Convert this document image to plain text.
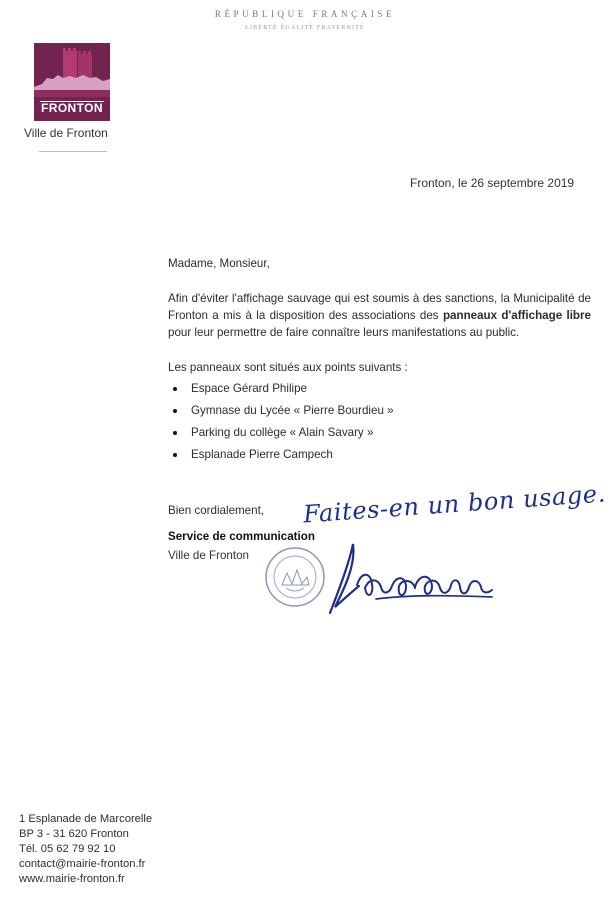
RÉPUBLIQUE FRANÇAISE
LIBERTÉ ÉGALITÉ FRATERNITÉ
FRONTON
Ville de Fronton
Fronton, le 26 septembre 2019
Madame, Monsieur,
Afin d'éviter l'affichage sauvage qui est soumis à des sanctions, la Municipalité de Fronton a mis à la disposition des associations des panneaux d'affichage libre pour leur permettre de faire connaître leurs manifestations au public.
Les panneaux sont situés aux points suivants :
Espace Gérard Philipe
Gymnase du Lycée « Pierre Bourdieu »
Parking du collège « Alain Savary »
Esplanade Pierre Campech
Bien cordialement,
Service de communication
Ville de Fronton
Faites-en un bon usage.
1 Esplanade de Marcorelle
BP 3 - 31 620 Fronton
Tél. 05 62 79 92 10
contact@mairie-fronton.fr
www.mairie-fronton.fr
